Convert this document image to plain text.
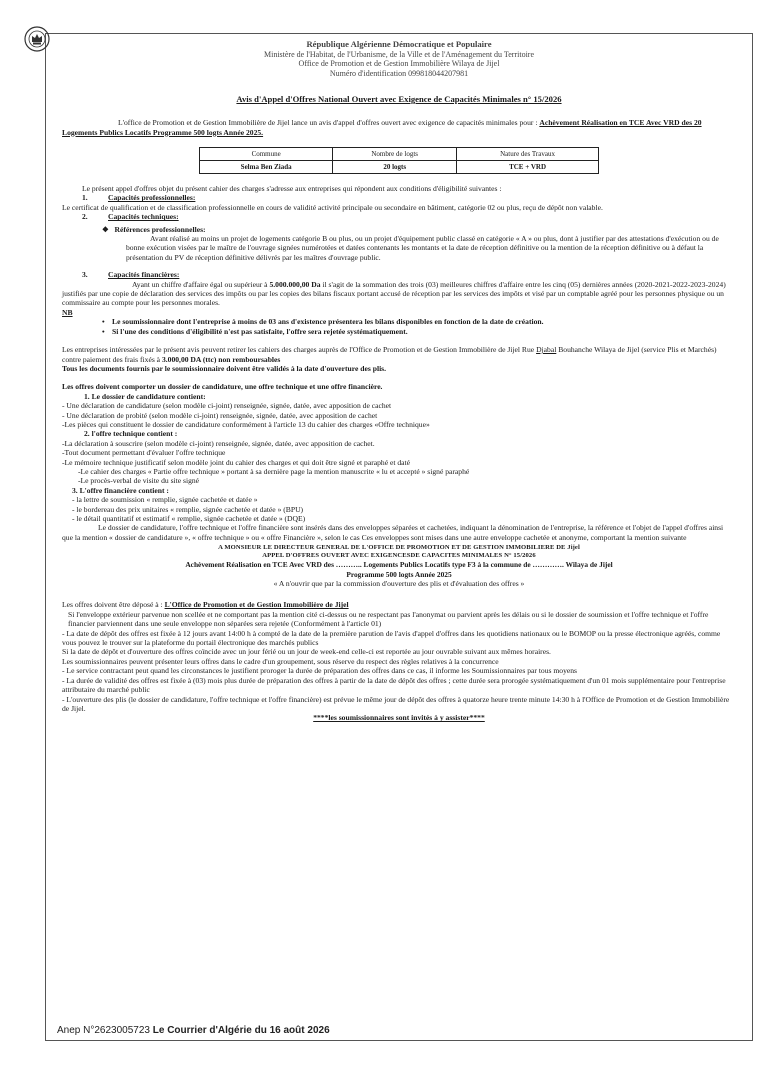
République Algérienne Démocratique et Populaire

Ministère de l'Habitat, de l'Urbanisme, de la Ville et de l'Aménagement du Territoire

Office de Promotion et de Gestion Immobilière Wilaya de Jijel

Numéro d'identification 099818044207981

Avis d'Appel d'Offres National Ouvert avec Exigence de Capacités Minimales n° 15/2026

L'office de Promotion et de Gestion Immobilière de Jijel lance un avis d'appel d'offres ouvert avec exigence de capacités minimales pour : Achèvement Réalisation en TCE Avec VRD des 20 Logements Publics Locatifs Programme 500 logts Année 2025.

Commune	Nombre de logts	Nature des Travaux
Selma Ben Ziada	20 logts	TCE + VRD

Le présent appel d'offres objet du présent cahier des charges s'adresse aux entreprises qui répondent aux conditions d'éligibilité suivantes :

1.	Capacités professionnelles:

Le certificat de qualification et de classification professionnelle en cours de validité activité principale ou secondaire en bâtiment, catégorie 02 ou plus, reçu de dépôt non valable.

2.	Capacités techniques:

❖ Références professionnelles:

Avant réalisé au moins un projet de logements catégorie B ou plus, ou un projet d'équipement public classé en catégorie « A » ou plus, dont à justifier par des attestations d'exécution ou de bonne exécution visées par le maître de l'ouvrage signées numérotées et datées contenants les montants et la date de réception définitive ou la mention de la réception définitive ou à défaut la présentation du PV de réception définitive délivrés par les maîtres d'ouvrage public.

3.	Capacités financières:

Ayant un chiffre d'affaire égal ou supérieur à 5.000.000,00 Da il s'agit de la sommation des trois (03) meilleures chiffres d'affaire entre les cinq (05) dernières années (2020-2021-2022-2023-2024) justifiés par une copie de déclaration des services des impôts ou par les copies des bilans fiscaux portant accusé de réception par les services des impôts et visé par un comptable agréé pour les personnes physique ou un commissaire au compte pour les personnes morales.

NB

• Le soumissionnaire dont l'entreprise à moins de 03 ans d'existence présentera les bilans disponibles en fonction de la date de création.
• Si l'une des conditions d'éligibilité n'est pas satisfaite, l'offre sera rejetée systématiquement.

Les entreprises intéressées par le présent avis peuvent retirer les cahiers des charges auprès de l'Office de Promotion et de Gestion Immobilière de Jijel Rue Djabal Bouhanche Wilaya de Jijel (service Plis et Marchés) contre paiement des frais fixés à 3.000,00 DA (ttc) non remboursables

Tous les documents fournis par le soumissionnaire doivent être validés à la date d'ouverture des plis.

Les offres doivent comporter un dossier de candidature, une offre technique et une offre financière.

1. Le dossier de candidature contient:

- Une déclaration de candidature (selon modèle ci-joint) renseignée, signée, datée, avec apposition de cachet

- Une déclaration de probité (selon modèle ci-joint) renseignée, signée, datée, avec apposition de cachet

-Les pièces qui constituent le dossier de candidature conformément à l'article 13 du cahier des charges «Offre technique»

2. l'offre technique contient :

-La déclaration à souscrire (selon modèle ci-joint) renseignée, signée, datée, avec apposition de cachet.

-Tout document permettant d'évaluer l'offre technique

-Le mémoire technique justificatif selon modèle joint du cahier des charges et qui doit être signé et paraphé et daté

-Le cahier des charges « Partie offre technique » portant à sa dernière page la mention manuscrite « lu et accepté » signé paraphé

-Le procès-verbal de visite du site signé

3. L'offre financière contient :

- la lettre de soumission « remplie, signée cachetée et datée »

- le bordereau des prix unitaires « remplie, signée cachetée et datée » (BPU)

- le détail quantitatif et estimatif « remplie, signée cachetée et datée » (DQE)

Le dossier de candidature, l'offre technique et l'offre financière sont insérés dans des enveloppes séparées et cachetées, indiquant la dénomination de l'entreprise, la référence et l'objet de l'appel d'offres ainsi que la mention « dossier de candidature », « offre technique » ou « offre Financière », selon le cas Ces enveloppes sont mises dans une autre enveloppe cachetée et anonyme, comportant la mention suivante

A MONSIEUR LE DIRECTEUR GENERAL DE L'OFFICE DE PROMOTION ET DE GESTION IMMOBILIERE DE Jijel

APPEL D'OFFRES OUVERT AVEC EXIGENCESDE CAPACITES MINIMALES N° 15/2026

Achèvement Réalisation en TCE Avec VRD des ……….. Logements Publics Locatifs type F3 à la commune de …………. Wilaya de Jijel

Programme 500 logts Année 2025

« A n'ouvrir que par la commission d'ouverture des plis et d'évaluation des offres »

Les offres doivent être déposé à : L'Office de Promotion et de Gestion Immobilière de Jijel

Si l'enveloppe extérieur parvenue non scellée et ne comportant pas la mention cité ci-dessus ou ne respectant pas l'anonymat ou parvient après les délais ou si le dossier de soumission et l'offre technique et l'offre financier parviennent dans une seule enveloppe non séparées sera rejetée (Conformément à l'article 01)

- La date de dépôt des offres est fixée à 12 jours avant 14:00 h à compté de la date de la première parution de l'avis d'appel d'offres dans les quotidiens nationaux ou le BOMOP ou la presse électronique agréés, comme vous pouvez le trouver sur la plateforme du portail électronique des marchés publics

Si la date de dépôt et d'ouverture des offres coïncide avec un jour férié ou un jour de week-end celle-ci est reportée au jour ouvrable suivant aux mêmes horaires.

Les soumissionnaires peuvent présenter leurs offres dans le cadre d'un groupement, sous réserve du respect des règles relatives à la concurrence

- Le service contractant peut quand les circonstances le justifient proroger la durée de préparation des offres dans ce cas, il informe les Soumissionnaires par tous moyens

- La durée de validité des offres est fixée à (03) mois plus durée de préparation des offres à partir de la date de dépôt des offres ; cette durée sera prorogée systématiquement d'un 01 mois supplémentaire pour l'entreprise attributaire du marché public

- L'ouverture des plis (le dossier de candidature, l'offre technique et l'offre financière) est prévue le même jour de dépôt des offres à quatorze heure trente minute 14:30 h à l'Office de Promotion et de Gestion Immobilière de Jijel.

****les soumissionnaires sont invités à y assister****

Anep N°2623005723 Le Courrier d'Algérie du 16 août 2026
